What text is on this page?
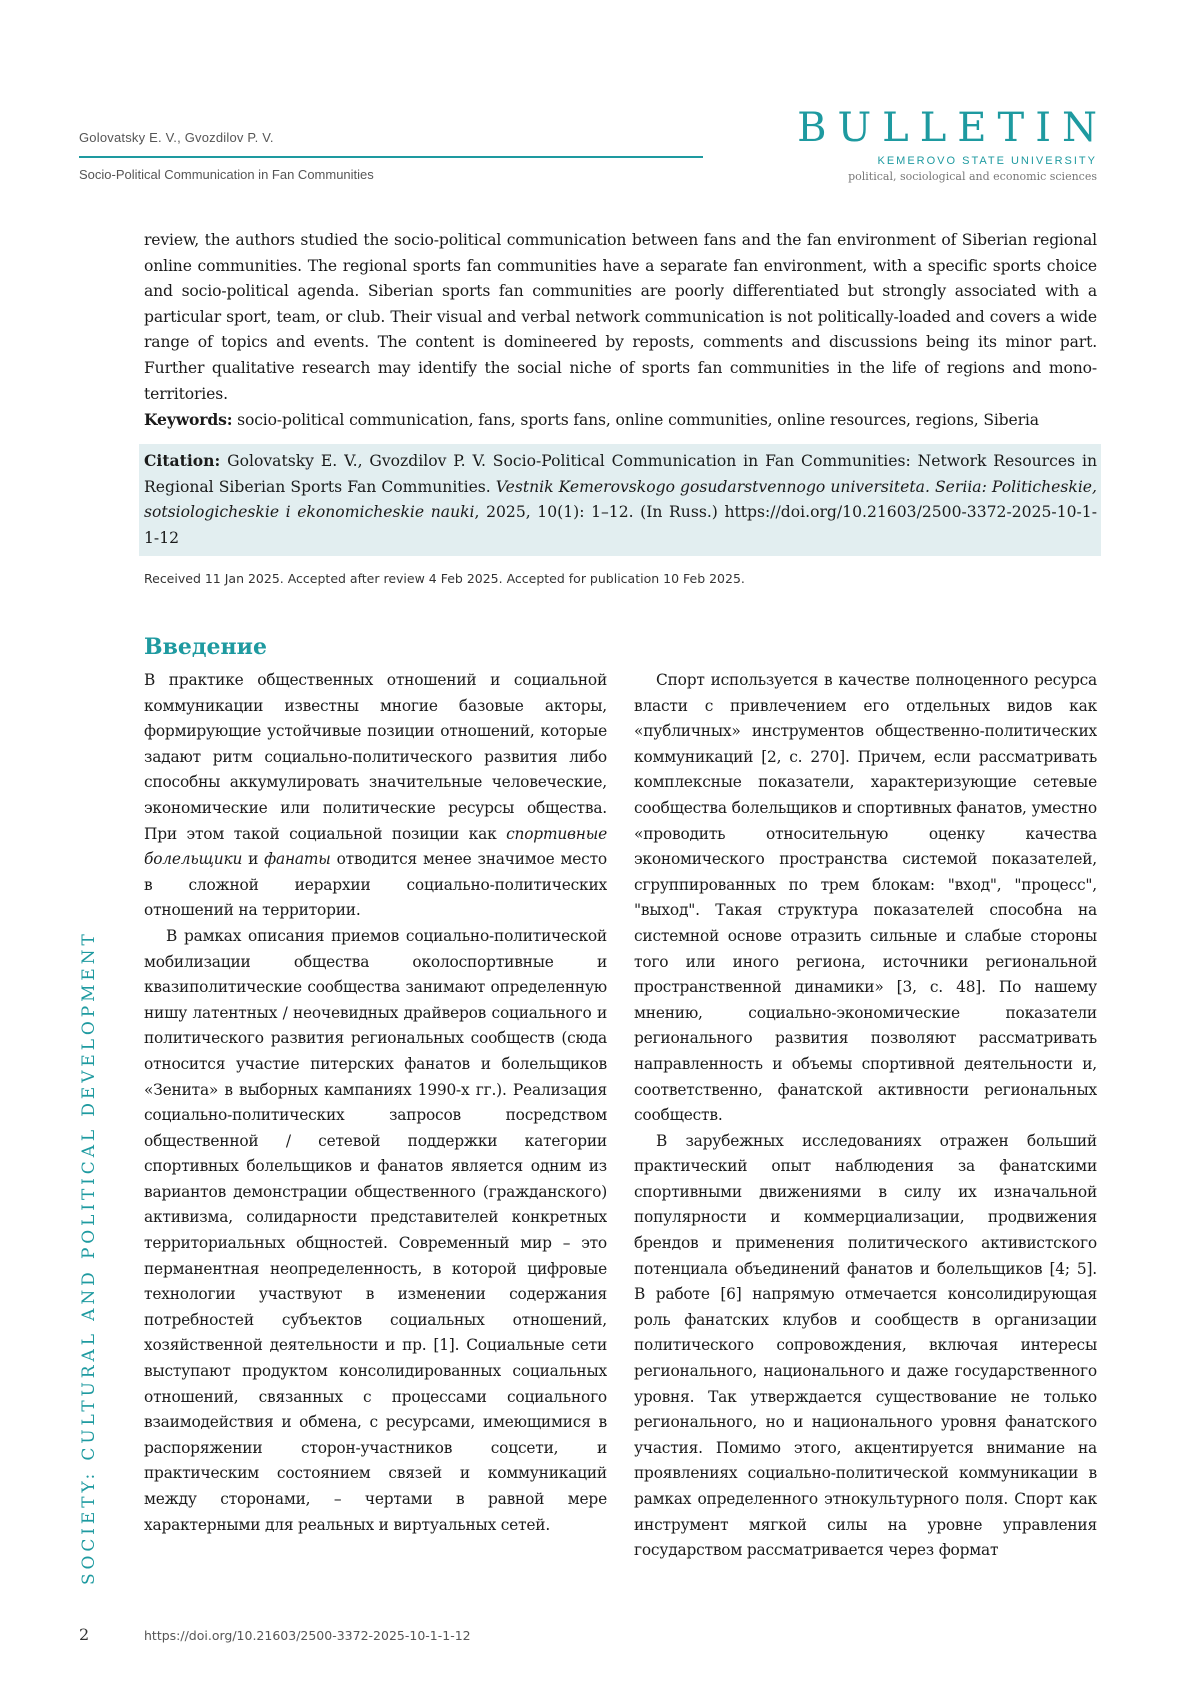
Golovatsky E. V., Gvozdilov P. V.
Socio-Political Communication in Fan Communities
BULLETIN
KEMEROVO STATE UNIVERSITY
political, sociological and economic sciences
SOCIETY: CULTURAL AND POLITICAL DEVELOPMENT

review, the authors studied the socio-political communication between fans and the fan environment of Siberian regional online communities. The regional sports fan communities have a separate fan environment, with a specific sports choice and socio-political agenda. Siberian sports fan communities are poorly differentiated but strongly associated with a particular sport, team, or club. Their visual and verbal network communication is not politically-loaded and covers a wide range of topics and events. The content is domineered by reposts, comments and discussions being its minor part. Further qualitative research may identify the social niche of sports fan communities in the life of regions and mono-territories.

Keywords: socio-political communication, fans, sports fans, online communities, online resources, regions, Siberia

Citation: Golovatsky E. V., Gvozdilov P. V. Socio-Political Communication in Fan Communities: Network Resources in Regional Siberian Sports Fan Communities. Vestnik Kemerovskogo gosudarstvennogo universiteta. Seriia: Politicheskie, sotsiologicheskie i ekonomicheskie nauki, 2025, 10(1): 1–12. (In Russ.) https://doi.org/10.21603/2500-3372-2025-10-1-1-12
Received 11 Jan 2025. Accepted after review 4 Feb 2025. Accepted for publication 10 Feb 2025.
Введение

В практике общественных отношений и социальной коммуникации известны многие базовые акторы, формирующие устойчивые позиции отношений, которые задают ритм социально-политического развития либо способны аккумулировать значительные человеческие, экономические или политические ресурсы общества. При этом такой социальной позиции как спортивные болельщики и фанаты отводится менее значимое место в сложной иерархии социально-политических отношений на территории.

В рамках описания приемов социально-политической мобилизации общества околоспортивные и квазиполитические сообщества занимают определенную нишу латентных / неочевидных драйверов социального и политического развития региональных сообществ (сюда относится участие питерских фанатов и болельщиков «Зенита» в выборных кампаниях 1990-х гг.). Реализация социально-политических запросов посредством общественной / сетевой поддержки категории спортивных болельщиков и фанатов является одним из вариантов демонстрации общественного (гражданского) активизма, солидарности представителей конкретных территориальных общностей. Современный мир – это перманентная неопределенность, в которой цифровые технологии участвуют в изменении содержания потребностей субъектов социальных отношений, хозяйственной деятельности и пр. [1]. Социальные сети выступают продуктом консолидированных социальных отношений, связанных с процессами социального взаимодействия и обмена, с ресурсами, имеющимися в распоряжении сторон-участников соцсети, и практическим состоянием связей и коммуникаций между сторонами, – чертами в равной мере характерными для реальных и виртуальных сетей.

Спорт используется в качестве полноценного ресурса власти с привлечением его отдельных видов как «публичных» инструментов общественно-политических коммуникаций [2, с. 270]. Причем, если рассматривать комплексные показатели, характеризующие сетевые сообщества болельщиков и спортивных фанатов, уместно «проводить относительную оценку качества экономического пространства системой показателей, сгруппированных по трем блокам: "вход", "процесс", "выход". Такая структура показателей способна на системной основе отразить сильные и слабые стороны того или иного региона, источники региональной пространственной динамики» [3, с. 48]. По нашему мнению, социально-экономические показатели регионального развития позволяют рассматривать направленность и объемы спортивной деятельности и, соответственно, фанатской активности региональных сообществ.

В зарубежных исследованиях отражен больший практический опыт наблюдения за фанатскими спортивными движениями в силу их изначальной популярности и коммерциализации, продвижения брендов и применения политического активистского потенциала объединений фанатов и болельщиков [4; 5]. В работе [6] напрямую отмечается консолидирующая роль фанатских клубов и сообществ в организации политического сопровождения, включая интересы регионального, национального и даже государственного уровня. Так утверждается существование не только регионального, но и национального уровня фанатского участия. Помимо этого, акцентируется внимание на проявлениях социально-политической коммуникации в рамках определенного этнокультурного поля. Спорт как инструмент мягкой силы на уровне управления государством рассматривается через формат

2	https://doi.org/10.21603/2500-3372-2025-10-1-1-12
